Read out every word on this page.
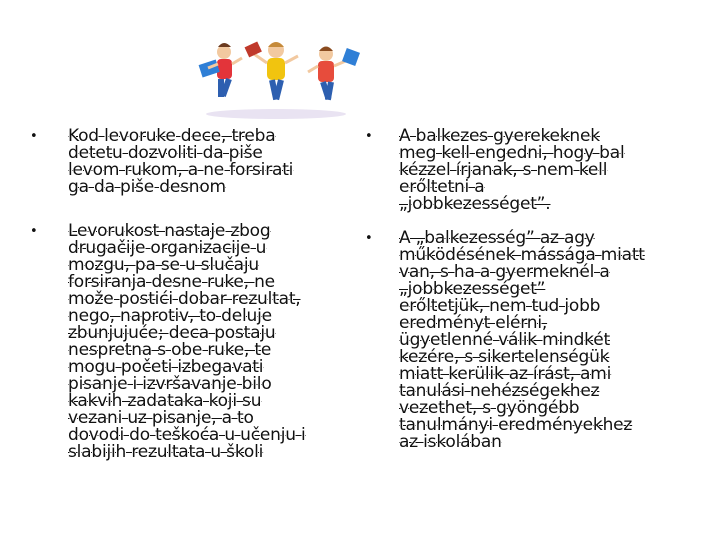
• Kod levoruke dece, treba
detetu dozvoliti da piše
levom rukom, a ne forsirati
ga da piše desnom
• Levorukost nastaje zbog
drugačije organizacije u
mozgu, pa se u slučaju
forsiranja desne ruke, ne
može postići dobar rezultat,
nego, naprotiv, to deluje
zbunjujuće; deca postaju
nespretna s obe ruke, te
mogu početi izbegavati
pisanje i izvršavanje bilo
kakvih zadataka koji su
vezani uz pisanje, a to
dovodi do teškoća u učenju i
slabijih rezultata u školi
• A balkezes gyerekeknek
meg kell engedni, hogy bal
kézzel írjanak, s nem kell
erőltetni a
„jobbkezességet”.
• A „balkezesség” az agy
működésének mássága miatt
van, s ha a gyermeknél a
„jobbkezességet”
erőltetjük, nem tud jobb
eredményt elérni,
ügyetlenné válik mindkét
kezére, s sikertelenségük
miatt kerülik az írást, ami
tanulási nehézségekhez
vezethet, s gyöngébb
tanulmányi eredményekhez
az iskolában
